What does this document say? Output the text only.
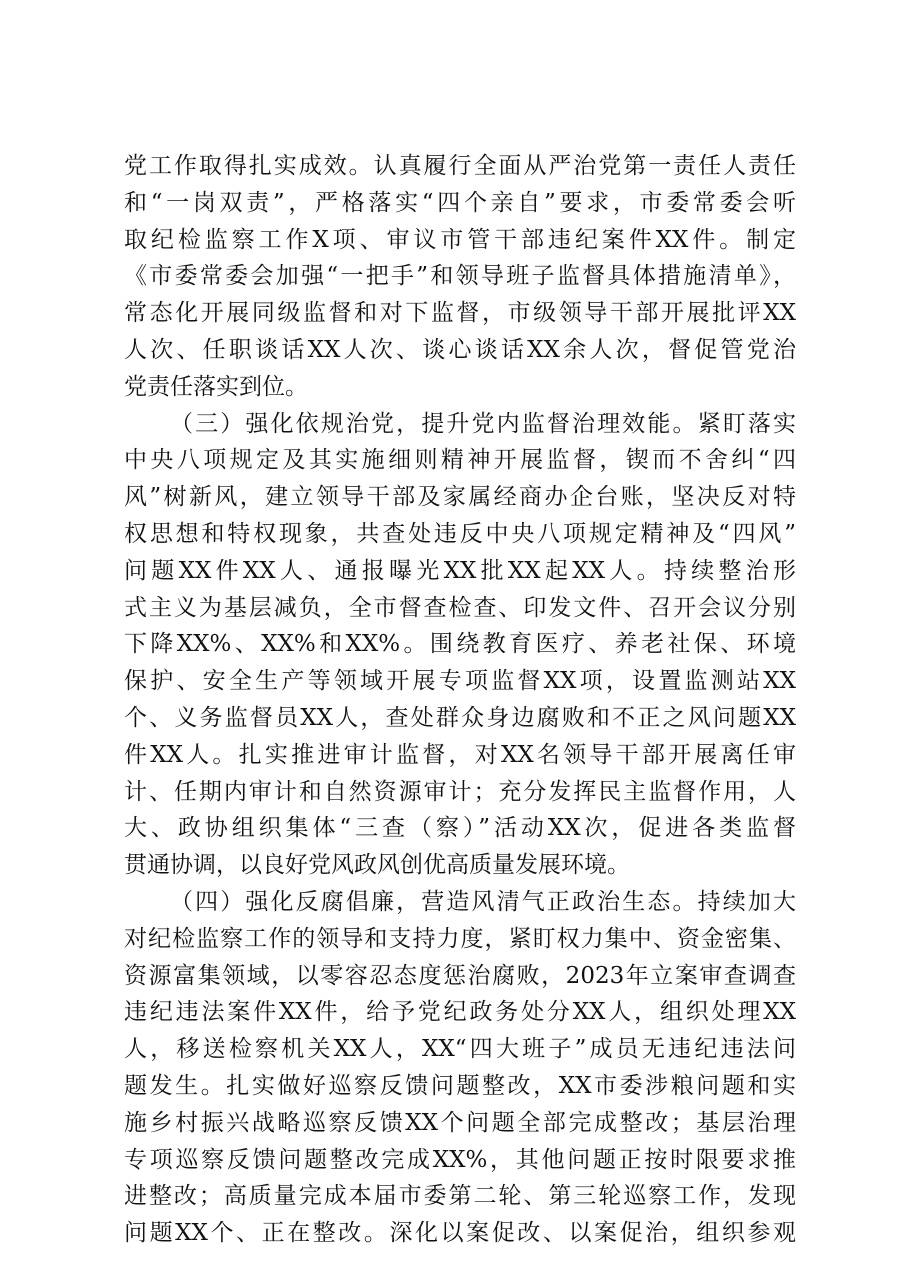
党工作取得扎实成效。认真履行全面从严治党第一责任人责任
和“一岗双责”，严格落实“四个亲自”要求，市委常委会听
取纪检监察工作X项、审议市管干部违纪案件XX件。制定
《市委常委会加强“一把手”和领导班子监督具体措施清单》，
常态化开展同级监督和对下监督，市级领导干部开展批评XX
人次、任职谈话XX人次、谈心谈话XX余人次，督促管党治
党责任落实到位。
（三）强化依规治党，提升党内监督治理效能。紧盯落实
中央八项规定及其实施细则精神开展监督，锲而不舍纠“四
风”树新风，建立领导干部及家属经商办企台账，坚决反对特
权思想和特权现象，共查处违反中央八项规定精神及“四风”
问题XX件XX人、通报曝光XX批XX起XX人。持续整治形
式主义为基层减负，全市督查检查、印发文件、召开会议分别
下降XX%、XX%和XX%。围绕教育医疗、养老社保、环境
保护、安全生产等领域开展专项监督XX项，设置监测站XX
个、义务监督员XX人，查处群众身边腐败和不正之风问题XX
件XX人。扎实推进审计监督，对XX名领导干部开展离任审
计、任期内审计和自然资源审计；充分发挥民主监督作用，人
大、政协组织集体“三查（察）”活动XX次，促进各类监督
贯通协调，以良好党风政风创优高质量发展环境。
（四）强化反腐倡廉，营造风清气正政治生态。持续加大
对纪检监察工作的领导和支持力度，紧盯权力集中、资金密集、
资源富集领域，以零容忍态度惩治腐败，2023年立案审查调查
违纪违法案件XX件，给予党纪政务处分XX人，组织处理XX
人，移送检察机关XX人，XX“四大班子”成员无违纪违法问
题发生。扎实做好巡察反馈问题整改，XX市委涉粮问题和实
施乡村振兴战略巡察反馈XX个问题全部完成整改；基层治理
专项巡察反馈问题整改完成XX%，其他问题正按时限要求推
进整改；高质量完成本届市委第二轮、第三轮巡察工作，发现
问题XX个、正在整改。深化以案促改、以案促治，组织参观
